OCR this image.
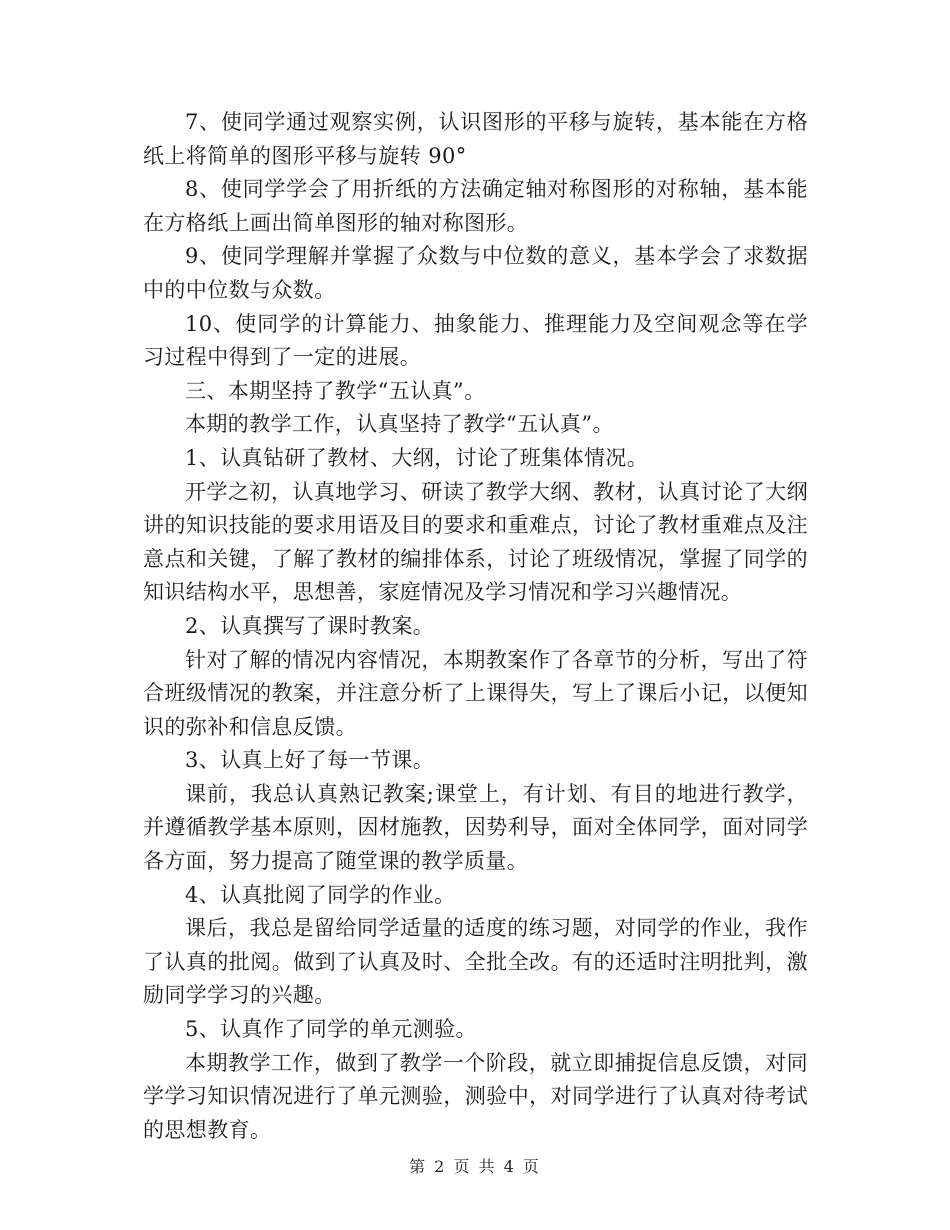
7、使同学通过观察实例，认识图形的平移与旋转，基本能在方格纸上将简单的图形平移与旋转 90°

8、使同学学会了用折纸的方法确定轴对称图形的对称轴，基本能在方格纸上画出简单图形的轴对称图形。

9、使同学理解并掌握了众数与中位数的意义，基本学会了求数据中的中位数与众数。

10、使同学的计算能力、抽象能力、推理能力及空间观念等在学习过程中得到了一定的进展。

三、本期坚持了教学“五认真”。

本期的教学工作，认真坚持了教学“五认真”。

1、认真钻研了教材、大纲，讨论了班集体情况。

开学之初，认真地学习、研读了教学大纲、教材，认真讨论了大纲讲的知识技能的要求用语及目的要求和重难点，讨论了教材重难点及注意点和关键，了解了教材的编排体系，讨论了班级情况，掌握了同学的知识结构水平，思想善，家庭情况及学习情况和学习兴趣情况。

2、认真撰写了课时教案。

针对了解的情况内容情况，本期教案作了各章节的分析，写出了符合班级情况的教案，并注意分析了上课得失，写上了课后小记，以便知识的弥补和信息反馈。

3、认真上好了每一节课。

课前，我总认真熟记教案;课堂上，有计划、有目的地进行教学，并遵循教学基本原则，因材施教，因势利导，面对全体同学，面对同学各方面，努力提高了随堂课的教学质量。

4、认真批阅了同学的作业。

课后，我总是留给同学适量的适度的练习题，对同学的作业，我作了认真的批阅。做到了认真及时、全批全改。有的还适时注明批判，激励同学学习的兴趣。

5、认真作了同学的单元测验。

本期教学工作，做到了教学一个阶段，就立即捕捉信息反馈，对同学学习知识情况进行了单元测验，测验中，对同学进行了认真对待考试的思想教育。

第 2 页 共 4 页
